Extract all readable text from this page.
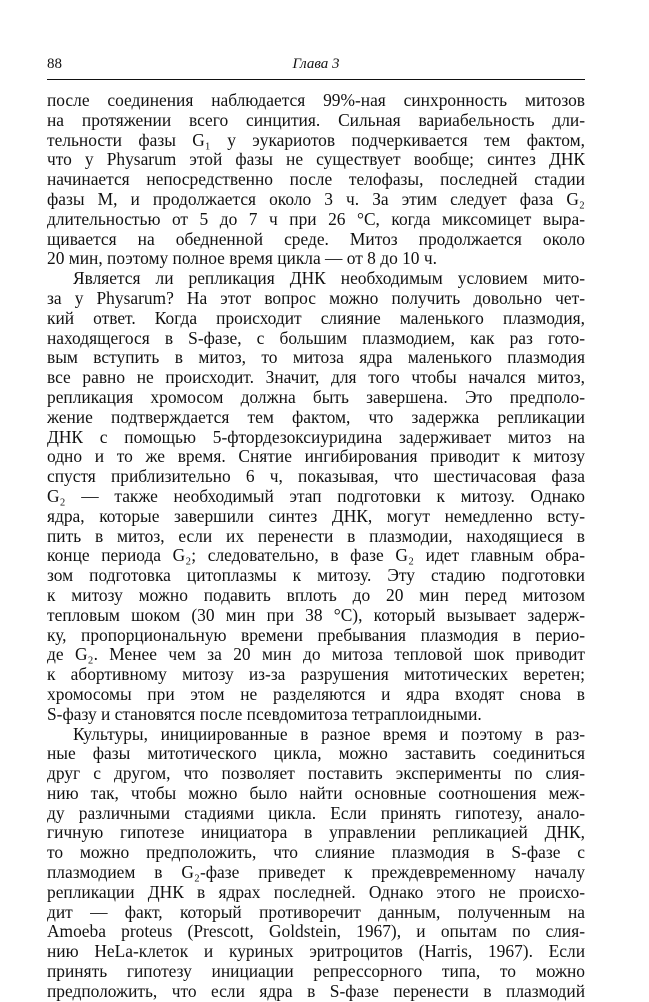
88	Глава 3
после соединения наблюдается 99%-ная синхронность митозов
на протяжении всего синцития. Сильная вариабельность дли-
тельности фазы G₁ у эукариотов подчеркивается тем фактом,
что у Physarum этой фазы не существует вообще; синтез ДНК
начинается непосредственно после телофазы, последней стадии
фазы М, и продолжается около 3 ч. За этим следует фаза G₂
длительностью от 5 до 7 ч при 26 °С, когда миксомицет выра-
щивается на обедненной среде. Митоз продолжается около
20 мин, поэтому полное время цикла — от 8 до 10 ч.
Является ли репликация ДНК необходимым условием мито-
за у Physarum? На этот вопрос можно получить довольно чет-
кий ответ. Когда происходит слияние маленького плазмодия,
находящегося в S-фазе, с большим плазмодием, как раз гото-
вым вступить в митоз, то митоза ядра маленького плазмодия
все равно не происходит. Значит, для того чтобы начался митоз,
репликация хромосом должна быть завершена. Это предполо-
жение подтверждается тем фактом, что задержка репликации
ДНК с помощью 5-фтордезоксиуридина задерживает митоз на
одно и то же время. Снятие ингибирования приводит к митозу
спустя приблизительно 6 ч, показывая, что шестичасовая фаза
G₂ — также необходимый этап подготовки к митозу. Однако
ядра, которые завершили синтез ДНК, могут немедленно всту-
пить в митоз, если их перенести в плазмодии, находящиеся в
конце периода G₂; следовательно, в фазе G₂ идет главным обра-
зом подготовка цитоплазмы к митозу. Эту стадию подготовки
к митозу можно подавить вплоть до 20 мин перед митозом
тепловым шоком (30 мин при 38 °С), который вызывает задерж-
ку, пропорциональную времени пребывания плазмодия в перио-
де G₂. Менее чем за 20 мин до митоза тепловой шок приводит
к абортивному митозу из-за разрушения митотических веретен;
хромосомы при этом не разделяются и ядра входят снова в
S-фазу и становятся после псевдомитоза тетраплоидными.
Культуры, инициированные в разное время и поэтому в раз-
ные фазы митотического цикла, можно заставить соединиться
друг с другом, что позволяет поставить эксперименты по слия-
нию так, чтобы можно было найти основные соотношения меж-
ду различными стадиями цикла. Если принять гипотезу, анало-
гичную гипотезе инициатора в управлении репликацией ДНК,
то можно предположить, что слияние плазмодия в S-фазе с
плазмодием в G₂-фазе приведет к преждевременному началу
репликации ДНК в ядрах последней. Однако этого не происхо-
дит — факт, который противоречит данным, полученным на
Amoeba proteus (Prescott, Goldstein, 1967), и опытам по слия-
нию HeLa-клеток и куриных эритроцитов (Harris, 1967). Если
принять гипотезу инициации репрессорного типа, то можно
предположить, что если ядра в S-фазе перенести в плазмодий
